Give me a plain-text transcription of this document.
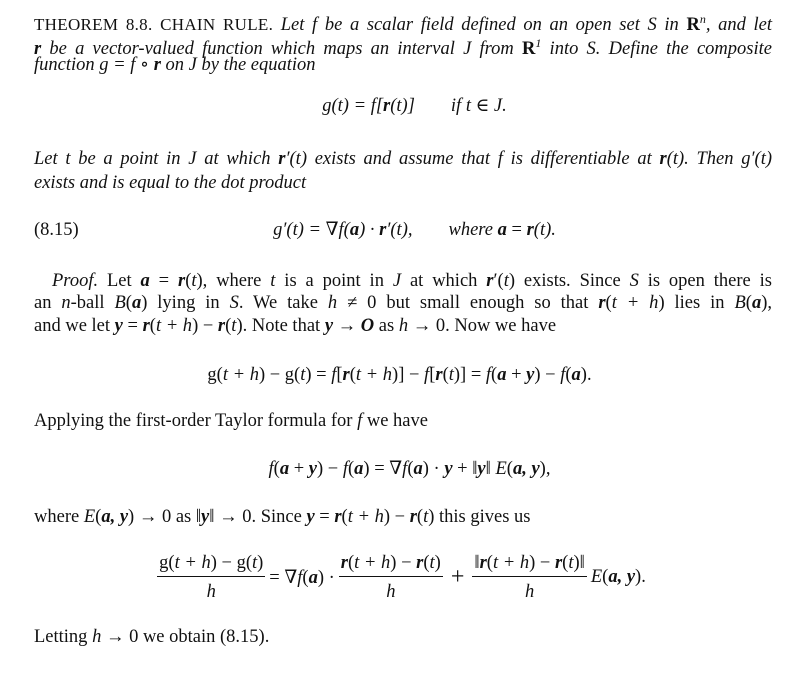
THEOREM 8.8. CHAIN RULE. Let f be a scalar field defined on an open set S in $R^n$, and let
r be a vector-valued function which maps an interval J from $R^1$ into S. Define the composite
function g = f ∘ r on J by the equation
g(t) = f[r(t)] if t ∈ J.
Let t be a point in J at which r′(t) exists and assume that f is differentiable at r(t). Then g′(t)
exists and is equal to the dot product
(8.15)	g′(t) = ∇f(a) · r′(t), where a = r(t).
Proof. Let a = r(t), where t is a point in J at which r′(t) exists. Since S is open there is
an n-ball B(a) lying in S. We take h ≠ 0 but small enough so that r(t + h) lies in B(a),
and we let y = r(t + h) − r(t). Note that y → O as h → 0. Now we have
g(t + h) − g(t) = f[r(t + h)] − f[r(t)] = f(a + y) − f(a).
Applying the first-order Taylor formula for f we have
f(a + y) − f(a) = ∇f(a) · y + ‖y‖ E(a, y),
where E(a, y) → 0 as ‖y‖ → 0. Since y = r(t + h) − r(t) this gives us
$\frac{g(t + h) - g(t)}{h} = \nabla f(a) \cdot \frac{r(t + h) - r(t)}{h} + \frac{‖r(t + h) - r(t)‖}{h} E(a$, y).
Letting h → 0 we obtain (8.15).
